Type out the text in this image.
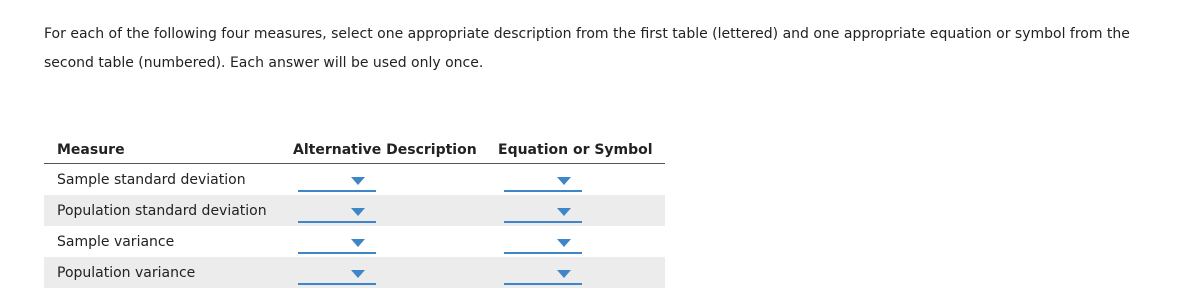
For each of the following four measures, select one appropriate description from the first table (lettered) and one appropriate equation or symbol from the second table (numbered). Each answer will be used only once.

Measure	Alternative Description	Equation or Symbol
Sample standard deviation	

Population standard deviation	

Sample variance	

Population variance	
